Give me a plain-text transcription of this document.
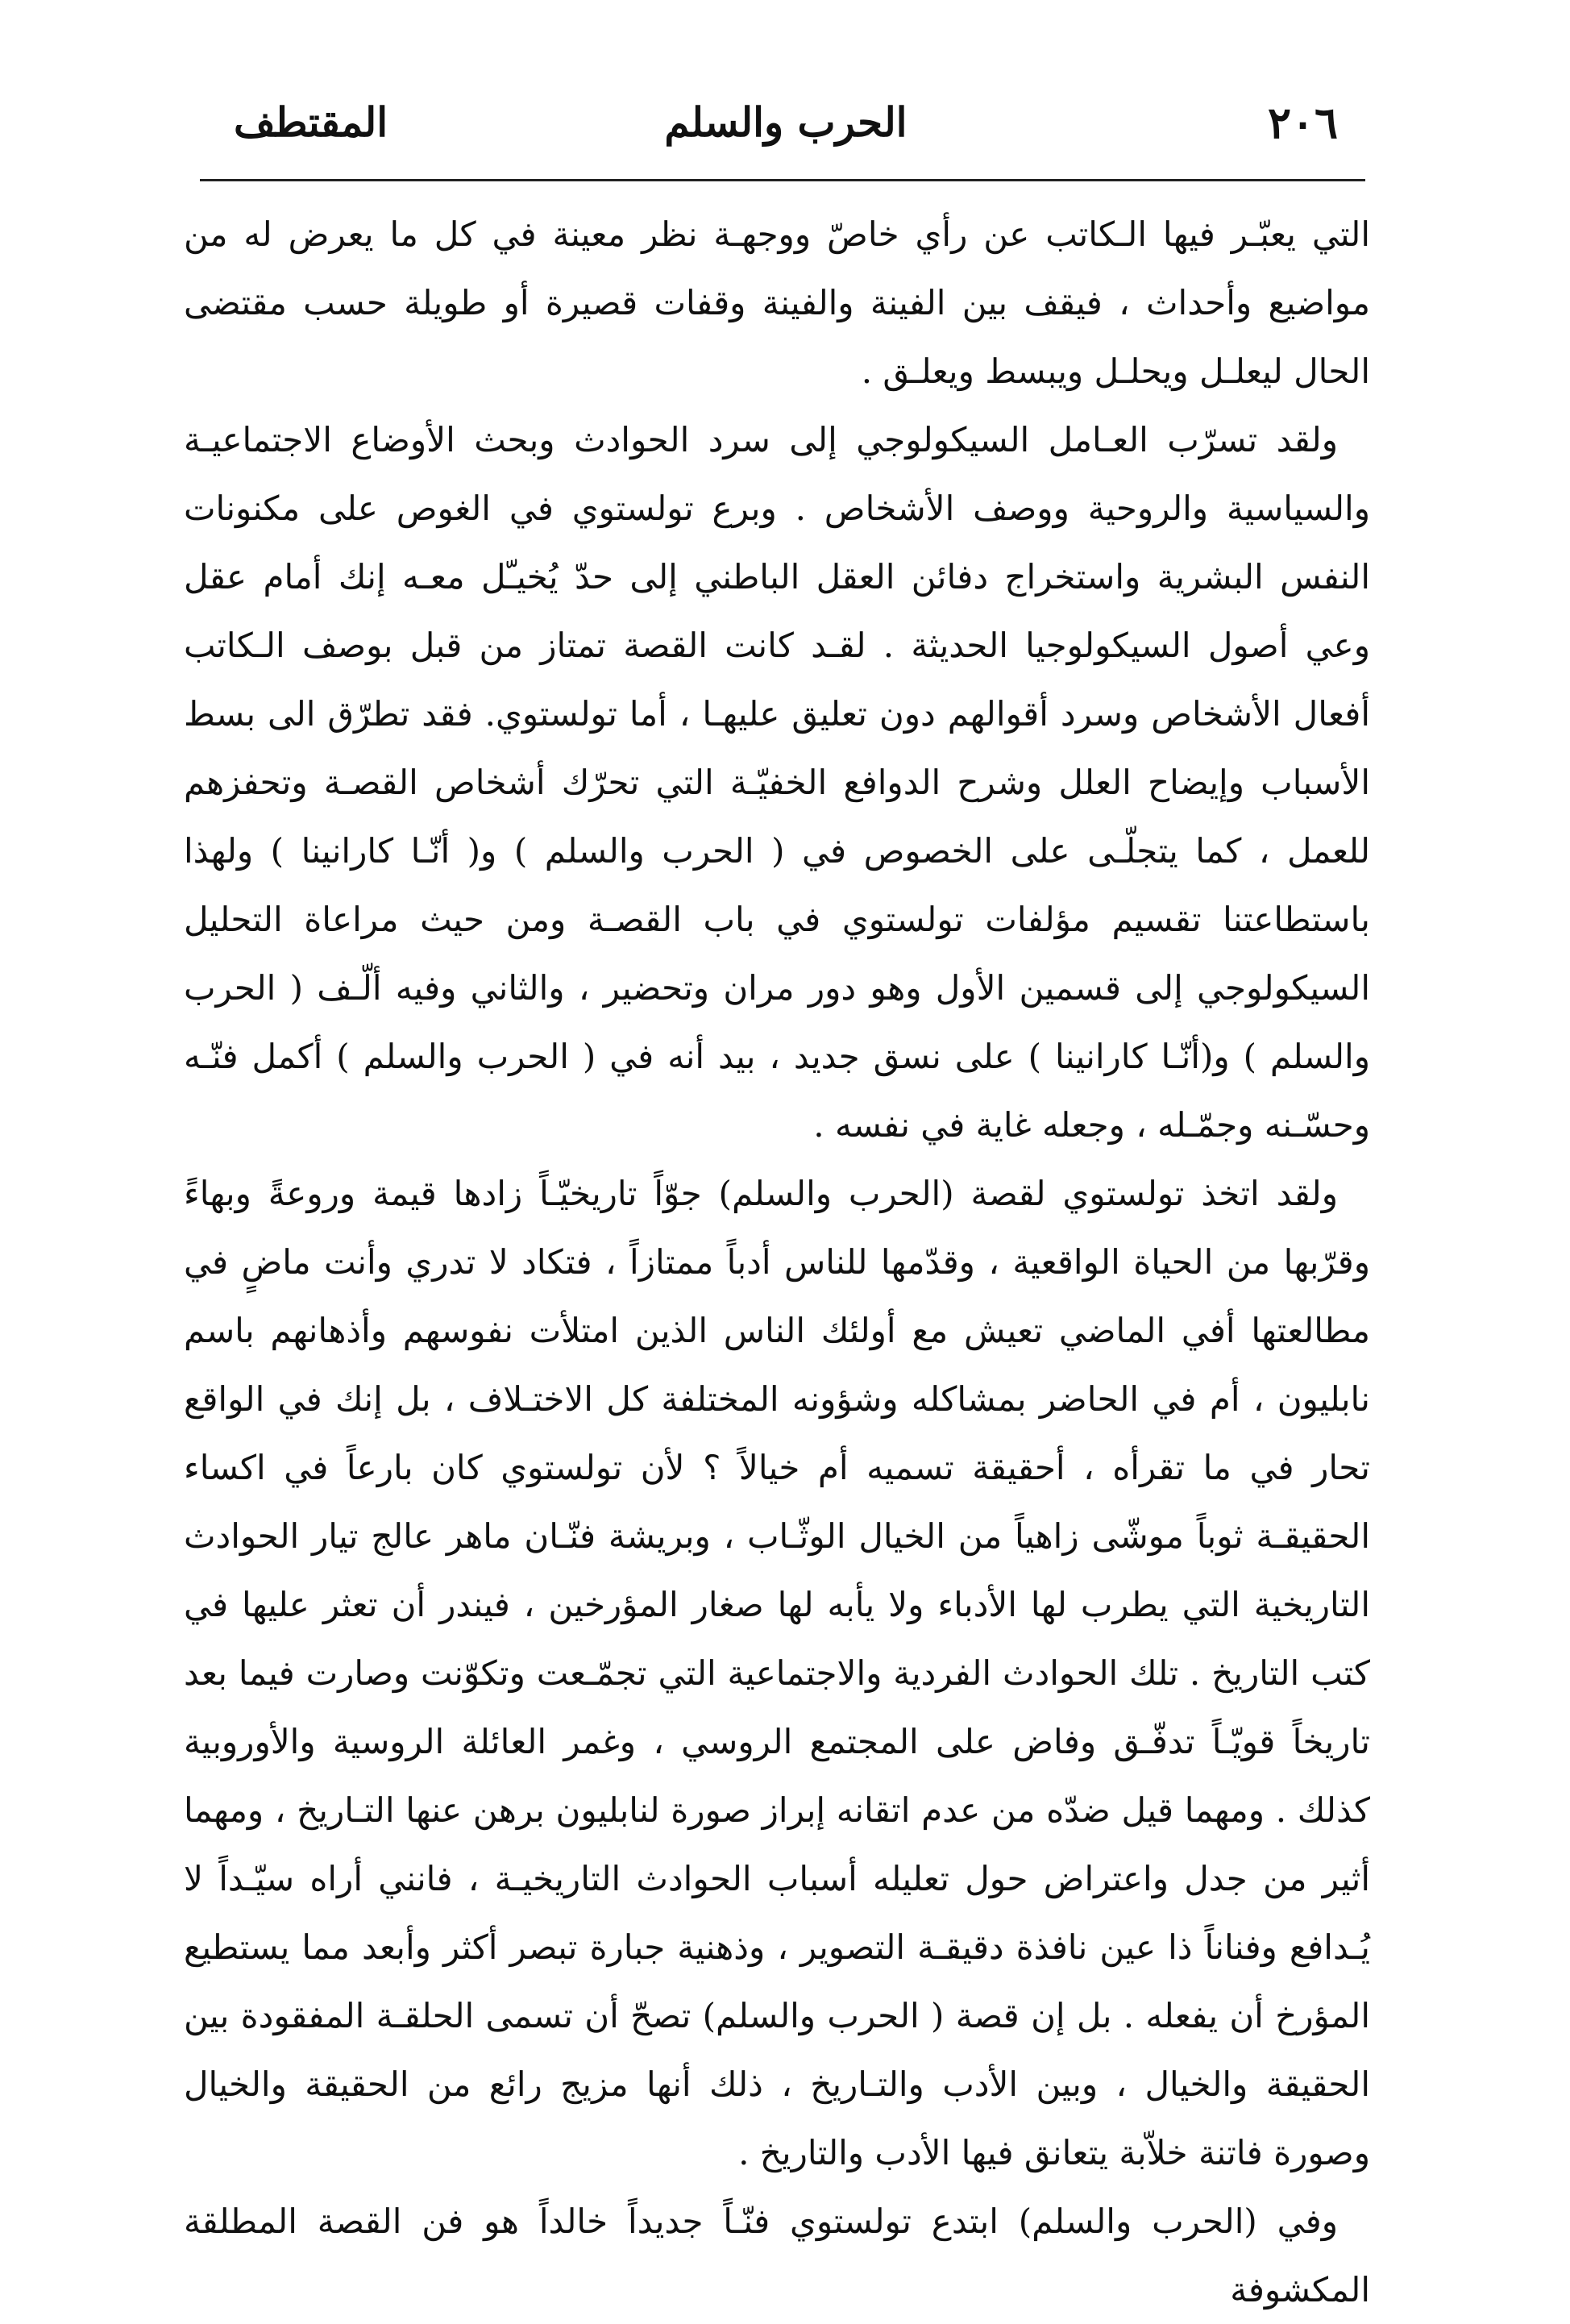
٢٠٦
الحرب والسلم
المقتطف

التي يعبّـر فيها الـكاتب عن رأي خاصّ ووجهـة نظر معينة في كل ما يعرض له من مواضيع وأحداث ، فيقف بين الفينة والفينة وقفات قصيرة أو طويلة حسب مقتضى الحال ليعلـل ويحلـل ويبسط ويعلـق .

ولقد تسرّب العـامل السيكولوجي إلى سرد الحوادث وبحث الأوضاع الاجتماعيـة والسياسية والروحية ووصف الأشخاص . وبرع تولستوي في الغوص على مكنونات النفس البشرية واستخراج دفائن العقل الباطني إلى حدّ يُخيـّل معـه إنك أمام عقل وعي أصول السيكولوجيا الحديثة . لقـد كانت القصة تمتاز من قبل بوصف الـكاتب أفعال الأشخاص وسرد أقوالهم دون تعليق عليهـا ، أما تولستوي. فقد تطرّق الى بسط الأسباب وإيضاح العلل وشرح الدوافع الخفيّـة التي تحرّك أشخاص القصـة وتحفزهم للعمل ، كما يتجلّـى على الخصوص في ( الحرب والسلم ) و( أنّـا كارانينا ) ولهذا باستطاعتنا تقسيم مؤلفات تولستوي في باب القصـة ومن حيث مراعاة التحليل السيكولوجي إلى قسمين الأول وهو دور مران وتحضير ، والثاني وفيه ألّـف ( الحرب والسلم ) و(أنّـا كارانينا ) على نسق جديد ، بيد أنه في ( الحرب والسلم ) أكمل فنّـه وحسّـنه وجمّـله ، وجعله غاية في نفسه .

ولقد اتخذ تولستوي لقصة (الحرب والسلم) جوّاً تاريخيّـاً زادها قيمة وروعةً وبهاءً وقرّبها من الحياة الواقعية ، وقدّمها للناس أدباً ممتازاً ، فتكاد لا تدري وأنت ماضٍ في مطالعتها أفي الماضي تعيش مع أولئك الناس الذين امتلأت نفوسهم وأذهانهم باسم نابليون ، أم في الحاضر بمشاكله وشؤونه المختلفة كل الاختـلاف ، بل إنك في الواقع تحار في ما تقرأه ، أحقيقة تسميه أم خيالاً ؟ لأن تولستوي كان بارعاً في اكساء الحقيقـة ثوباً موشّى زاهياً من الخيال الوثّـاب ، وبريشة فنّـان ماهر عالج تيار الحوادث التاريخية التي يطرب لها الأدباء ولا يأبه لها صغار المؤرخين ، فيندر أن تعثر عليها في كتب التاريخ . تلك الحوادث الفردية والاجتماعية التي تجمّـعت وتكوّنت وصارت فيما بعد تاريخاً قويّـاً تدفّـق وفاض على المجتمع الروسي ، وغمر العائلة الروسية والأوروبية كذلك . ومهما قيل ضدّه من عدم اتقانه إبراز صورة لنابليون برهن عنها التـاريخ ، ومهما أثير من جدل واعتراض حول تعليله أسباب الحوادث التاريخيـة ، فانني أراه سيّـداً لا يُـدافع وفناناً ذا عين نافذة دقيقـة التصوير ، وذهنية جبارة تبصر أكثر وأبعد مما يستطيع المؤرخ أن يفعله . بل إن قصة ( الحرب والسلم) تصحّ أن تسمى الحلقـة المفقودة بين الحقيقة والخيال ، وبين الأدب والتـاريخ ، ذلك أنها مزيج رائع من الحقيقة والخيال وصورة فاتنة خلاّبة يتعانق فيها الأدب والتاريخ .

وفي (الحرب والسلم) ابتدع تولستوي فنّـاً جديداً خالداً هو فن القصة المطلقة المكشوفة
